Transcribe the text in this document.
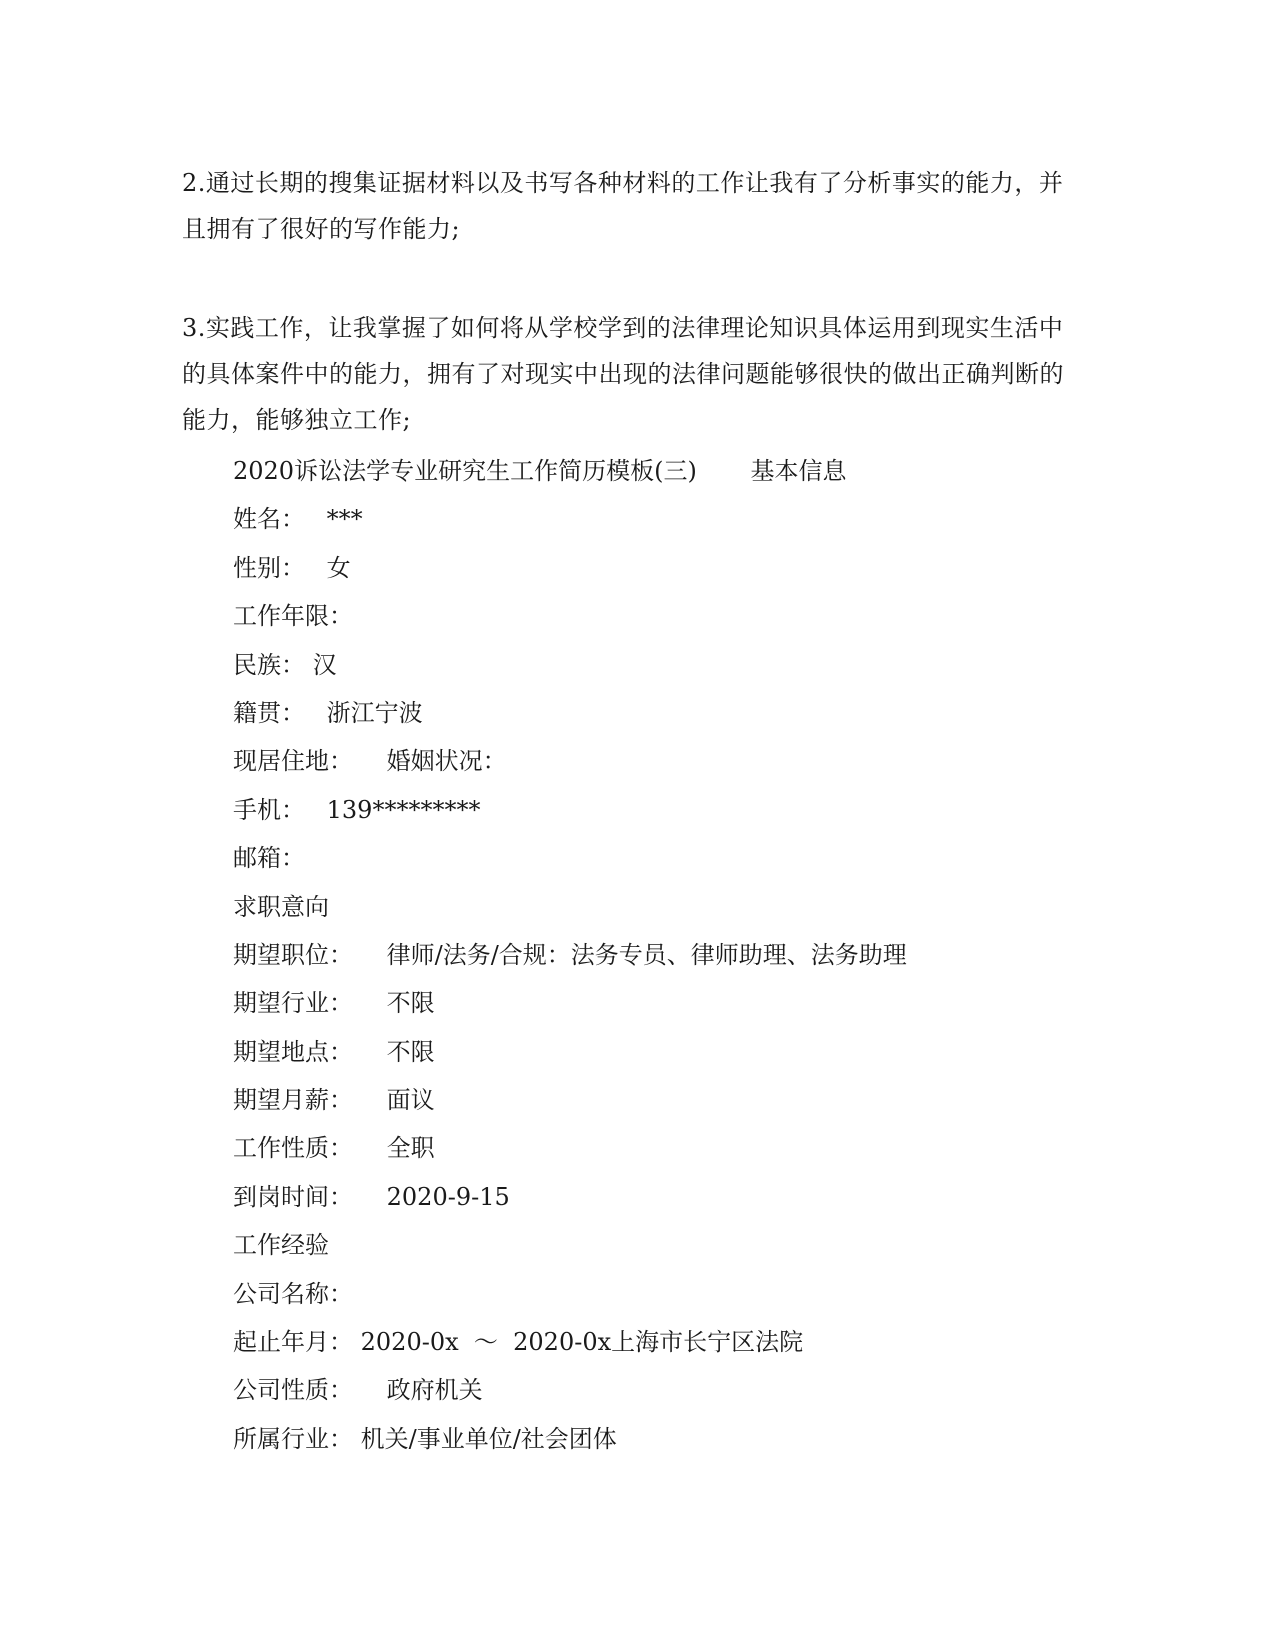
2.通过长期的搜集证据材料以及书写各种材料的工作让我有了分析事实的能力，并

且拥有了很好的写作能力;

3.实践工作，让我掌握了如何将从学校学到的法律理论知识具体运用到现实生活中

的具体案件中的能力，拥有了对现实中出现的法律问题能够很快的做出正确判断的

能力，能够独立工作;

2020诉讼法学专业研究生工作简历模板(三) 基本信息
姓名： ***
性别： 女
工作年限：
民族： 汉
籍贯： 浙江宁波
现居住地： 婚姻状况：
手机： 139*********
邮箱：
求职意向
期望职位： 律师/法务/合规：法务专员、律师助理、法务助理
期望行业： 不限
期望地点： 不限
期望月薪： 面议
工作性质： 全职
到岗时间： 2020-9-15
工作经验
公司名称：
起止年月： 2020-0x  ～  2020-0x上海市长宁区法院
公司性质： 政府机关
所属行业： 机关/事业单位/社会团体
